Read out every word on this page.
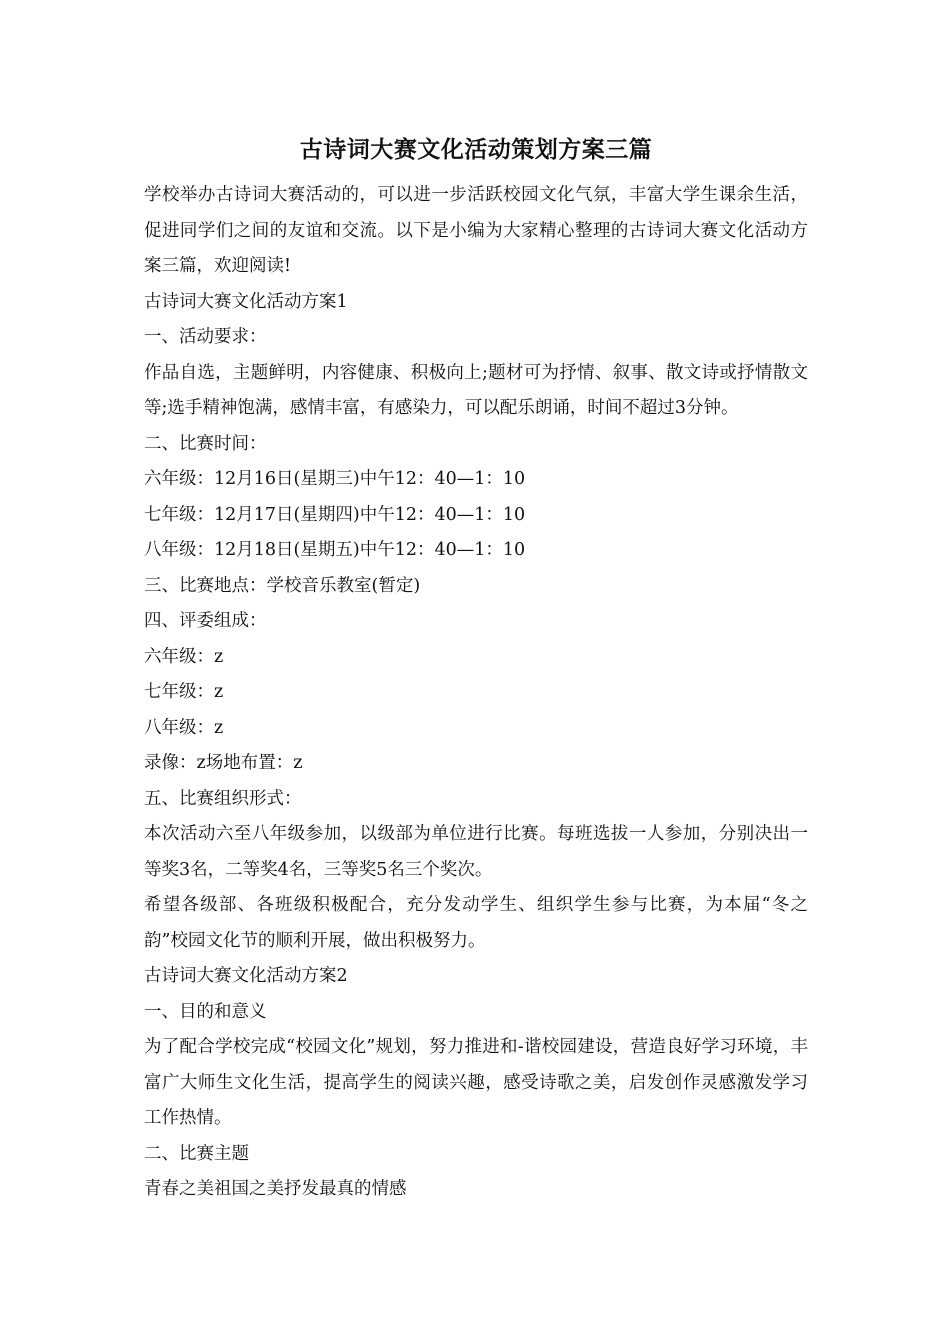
古诗词大赛文化活动策划方案三篇

学校举办古诗词大赛活动的，可以进一步活跃校园文化气氛，丰富大学生课余生活，促进同学们之间的友谊和交流。以下是小编为大家精心整理的古诗词大赛文化活动方案三篇，欢迎阅读!

古诗词大赛文化活动方案1

一、活动要求：

作品自选，主题鲜明，内容健康、积极向上;题材可为抒情、叙事、散文诗或抒情散文等;选手精神饱满，感情丰富，有感染力，可以配乐朗诵，时间不超过3分钟。

二、比赛时间：

六年级：12月16日(星期三)中午12：40—1：10

七年级：12月17日(星期四)中午12：40—1：10

八年级：12月18日(星期五)中午12：40—1：10

三、比赛地点：学校音乐教室(暂定)

四、评委组成：

六年级：z

七年级：z

八年级：z

录像：z场地布置：z

五、比赛组织形式：

本次活动六至八年级参加，以级部为单位进行比赛。每班选拔一人参加，分别决出一等奖3名，二等奖4名，三等奖5名三个奖次。

希望各级部、各班级积极配合，充分发动学生、组织学生参与比赛，为本届“冬之韵”校园文化节的顺利开展，做出积极努力。

古诗词大赛文化活动方案2

一、目的和意义

为了配合学校完成“校园文化”规划，努力推进和-谐校园建设，营造良好学习环境，丰富广大师生文化生活，提高学生的阅读兴趣，感受诗歌之美，启发创作灵感激发学习工作热情。

二、比赛主题

青春之美祖国之美抒发最真的情感
